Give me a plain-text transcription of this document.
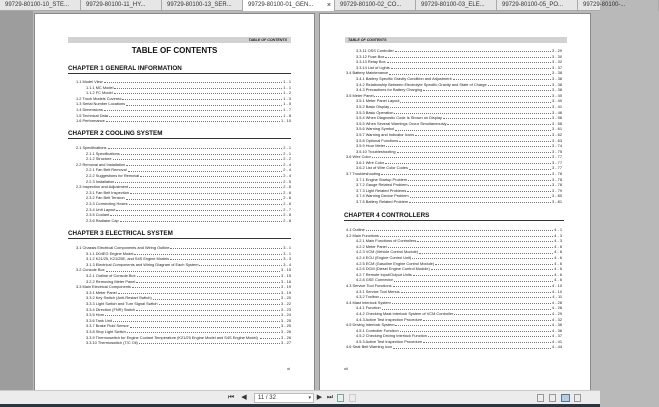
99729-80100-10_STE...	99729-80100-11_HY...	99729-80100-13_SER...	99729-80100-01_GEN... ×	99729-80100-02_CO...	99729-80100-03_ELE...	99729-80100-05_PO...	99729-80100-...
TABLE OF CONTENTS
TABLE OF CONTENTS
CHAPTER 1 GENERAL INFORMATION
1.1 Model View	1 - 1
1.1.1 MC Model	1 - 1
1.1.2 FC Model	1 - 2
1.2 Truck Models Covered	1 - 3
1.3 Serial Number Locations	1 - 5
1.4 Dimensions	1 - 7
1.5 Technical Data	1 - 8
1.6 Performance	1 - 10
CHAPTER 2 COOLING SYSTEM
2.1 Specifications	2 - 1
2.1.1 Specifications	2 - 1
2.1.2 Structure	2 - 2
2.2 Removal and Installation	2 - 4
2.2.1 Fan Belt Removal	2 - 4
2.2.2 Suggestions for Removal	2 - 4
2.2.3 Installation	2 - 5
2.3 Inspection and Adjustment	2 - 6
2.3.1 Fan Belt Inspection	2 - 6
2.3.2 Fan Belt Tension	2 - 6
2.3.3 Connecting Hoses	2 - 6
2.3.4 Unit Layout	2 - 7
2.3.5 Coolant	2 - 8
2.3.6 Radiator Cap	2 - 8
CHAPTER 3 ELECTRICAL SYSTEM
3.1 Chassis Electrical Components and Wiring Outline	3 - 1
3.1.1 D04EG Engine Model	3 - 1
3.1.2 K21/25, K21/25E, and S4S Engine Models	3 - 3
3.1.3 Electrical Components and Wiring Diagram of Each System	3 - 4
3.2 Console Box	3 - 15
3.2.1 Outline of Console Box	3 - 15
3.2.2 Removing Meter Panel	3 - 16
3.3 Main Electrical Components	3 - 19
3.3.1 Meter Panel	3 - 19
3.3.2 Key Switch (Anti-Restart Switch)	3 - 20
3.3.3 Light Switch and Turn Signal Switch	3 - 22
3.3.4 Direction (FNR) Switch	3 - 23
3.3.5 Horn	3 - 24
3.3.6 Tank Unit	3 - 25
3.3.7 Brake Fluid Sensor	3 - 25
3.3.8 Stop Light Switch	3 - 26
3.3.9 Thermoswitch for Engine Coolant Temperature (K21/25 Engine Model and S4S Engine Model)	3 - 26
3.3.10 Thermoswitch (T/C Oil)	3 - 27
xi
TABLE OF CONTENTS
3.3.11 OSS Controller	3 - 29
3.3.12 Fuse Box	3 - 30
3.3.13 Relay Box	3 - 32
3.3.14 List of Lights	3 - 37
3.4 Battery Maintenance	3 - 38
3.4.1 Battery Specific Gravity Condition and Adjustment	3 - 38
3.4.2 Relationship Between Electrolyte Specific Gravity and State of Charge	3 - 38
3.4.3 Precautions for Battery Charging	3 - 38
3.5 Meter Panel	3 - 40
3.5.1 Meter Panel Layout	3 - 40
3.5.2 Basic Display	3 - 41
3.5.3 Basic Operation	3 - 46
3.5.4 When Diagnostic Code Is Shown on Display	3 - 56
3.5.5 When Several Warnings Occur Simultaneously	3 - 58
3.5.6 Warning Symbol	3 - 61
3.5.7 Warning and Indicator Icons	3 - 62
3.5.8 Optional Functions	3 - 63
3.5.9 Hour Meter	3 - 74
3.5.10 Troubleshooting	3 - 75
3.6 Wire Color	3 - 77
3.6.1 Wire Color	3 - 77
3.6.2 List of Wire Color Codes	3 - 77
3.7 Troubleshooting	3 - 78
3.7.1 Engine Startup Problem	3 - 78
3.7.2 Gauge Related Problem	3 - 78
3.7.3 Light Related Problems	3 - 79
3.7.4 Warning Device Problem	3 - 80
3.7.5 Battery Related Problem	3 - 81
CHAPTER 4 CONTROLLERS
4.1 Outline	4 - 1
4.2 Main Functions	4 - 3
4.2.1 Main Functions of Controllers	4 - 3
4.2.2 Meter Panel	4 - 6
4.2.3 VCM (Vehicle Control Module)	4 - 6
4.2.4 ECU (Engine Control Unit)	4 - 6
4.2.5 ECM (Gasoline Engine Control Module)	4 - 6
4.2.6 DCM (Diesel Engine Control Module)	4 - 6
4.2.7 Remote Input/Output Units	4 - 6
4.2.8 GSE Connector	4 - 6
4.3 Service Tool Functions	4 - 10
4.3.1 Service Tool Menus	4 - 10
4.3.2 Toolbox	4 - 11
4.4 Mast Interlock System	4 - 28
4.4.1 Function	4 - 28
4.4.2 Checking Mast Interlock System of VCM Controller	4 - 29
4.4.3 Active Test Inspection Procedure	4 - 32
4.5 Driving Interlock System	4 - 36
4.5.1 Controller Function	4 - 36
4.5.2 Checking Driving Interlock Function	4 - 37
4.5.3 Active Test Inspection Procedure	4 - 41
4.6 Seat Belt Warning Icon	4 - 44
xii
⏮	◀	11 / 32	▾ ▶ ⏭
